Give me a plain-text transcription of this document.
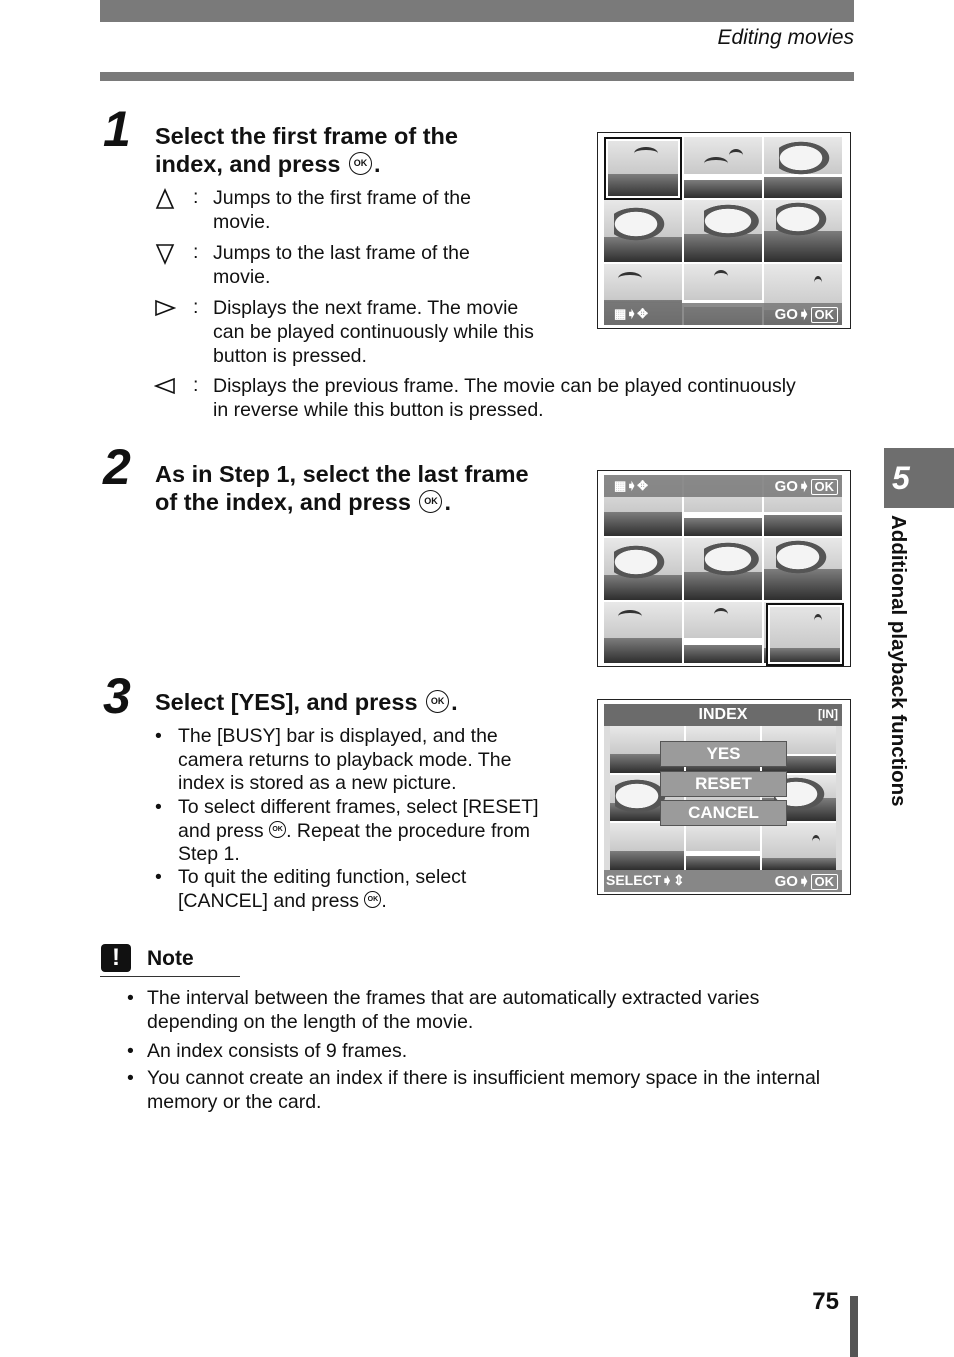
Editing movies
1 Select the first frame of the
index, and press OK .
: Jumps to the first frame of the movie.
: Jumps to the last frame of the movie.
: Displays the next frame. The movie can be played continuously while this button is pressed.
: Displays the previous frame. The movie can be played continuously in reverse while this button is pressed.
▦➧✥	GO➧ OK
2 As in Step 1, select the last frame
of the index, and press OK .
▦➧✥	GO➧ OK
3 Select [YES], and press OK .
• The [BUSY] bar is displayed, and the camera returns to playback mode. The index is stored as a new picture.
• To select different frames, select [RESET] and press OK . Repeat the procedure from Step 1.
• To quit the editing function, select [CANCEL] and press OK .
INDEX	[IN]
YES
RESET
CANCEL
SELECT➧⇕	GO➧ OK
!	Note
• The interval between the frames that are automatically extracted varies depending on the length of the movie.
• An index consists of 9 frames.
• You cannot create an index if there is insufficient memory space in the internal memory or the card.
5
Additional playback functions
75
